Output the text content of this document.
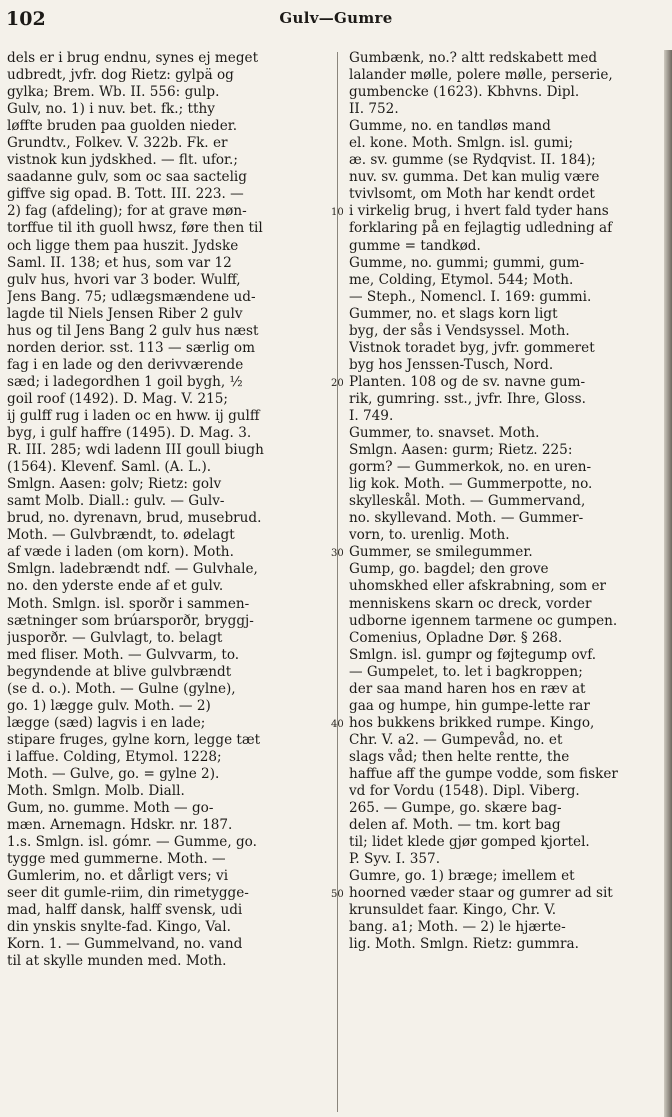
102	Gulv—Gumre
dels er i brug endnu, synes ej meget
udbredt, jvfr. dog Rietz: gylpä og
gylka; Brem. Wb. II. 556: gulp.
Gulv, no. 1) i nuv. bet. fk.; tthy
løffte bruden paa guolden nieder.
Grundtv., Folkev. V. 322b. Fk. er
vistnok kun jydskhed. — flt. ufor.;
saadanne gulv, som oc saa sactelig
giffve sig opad. B. Tott. III. 223. —
2) fag (afdeling); for at grave møn-
torffue til ith guoll hwsz, føre then til
och ligge them paa huszit. Jydske
Saml. II. 138; et hus, som var 12
gulv hus, hvori var 3 boder. Wulff,
Jens Bang. 75; udlægsmændene ud-
lagde til Niels Jensen Riber 2 gulv
hus og til Jens Bang 2 gulv hus næst
norden derior. sst. 113 — særlig om
fag i en lade og den derivværende
sæd; i ladegordhen 1 goil bygh, ½
goil roof (1492). D. Mag. V. 215;
ij gulff rug i laden oc en hww. ij gulff
byg, i gulf haffre (1495). D. Mag. 3.
R. III. 285; wdi ladenn III goull biugh
(1564). Klevenf. Saml. (A. L.).
Smlgn. Aasen: golv; Rietz: golv
samt Molb. Diall.: gulv. — Gulv-
brud, no. dyrenavn, brud, musebrud.
Moth. — Gulvbrændt, to. ødelagt
af væde i laden (om korn). Moth.
Smlgn. ladebrændt ndf. — Gulvhale,
no. den yderste ende af et gulv.
Moth. Smlgn. isl. sporðr i sammen-
sætninger som brúarsporðr, bryggj-
jusporðr. — Gulvlagt, to. belagt
med fliser. Moth. — Gulvvarm, to.
begyndende at blive gulvbrændt
(se d. o.). Moth. — Gulne (gylne),
go. 1) lægge gulv. Moth. — 2)
lægge (sæd) lagvis i en lade;
stipare fruges, gylne korn, legge tæt
i laffue. Colding, Etymol. 1228;
Moth. — Gulve, go. = gylne 2).
Moth. Smlgn. Molb. Diall.
Gum, no. gumme. Moth — go-
mæn. Arnemagn. Hdskr. nr. 187.
1.s. Smlgn. isl. gómr. — Gumme, go.
tygge med gummerne. Moth. —
Gumlerim, no. et dårligt vers; vi
seer dit gumle-riim, din rimetygge-
mad, halff dansk, halff svensk, udi
din ynskis snylte-fad. Kingo, Val.
Korn. 1. — Gummelvand, no. vand
til at skylle munden med. Moth.
10
20
30
40
50
Gumbænk, no.? altt redskabett med
lalander mølle, polere mølle, perserie,
gumbencke (1623). Kbhvns. Dipl.
II. 752.
Gumme, no. en tandløs mand
el. kone. Moth. Smlgn. isl. gumi;
æ. sv. gumme (se Rydqvist. II. 184);
nuv. sv. gumma. Det kan mulig være
tvivlsomt, om Moth har kendt ordet
i virkelig brug, i hvert fald tyder hans
forklaring på en fejlagtig udledning af
gumme = tandkød.
Gumme, no. gummi; gummi, gum-
me, Colding, Etymol. 544; Moth.
— Steph., Nomencl. I. 169: gummi.
Gummer, no. et slags korn ligt
byg, der sås i Vendsyssel. Moth.
Vistnok toradet byg, jvfr. gommeret
byg hos Jenssen-Tusch, Nord.
Planten. 108 og de sv. navne gum-
rik, gumring. sst., jvfr. Ihre, Gloss.
I. 749.
Gummer, to. snavset. Moth.
Smlgn. Aasen: gurm; Rietz. 225:
gorm? — Gummerkok, no. en uren-
lig kok. Moth. — Gummerpotte, no.
skylleskål. Moth. — Gummervand,
no. skyllevand. Moth. — Gummer-
vorn, to. urenlig. Moth.
Gummer, se smilegummer.
Gump, go. bagdel; den grove
uhomskhed eller afskrabning, som er
menniskens skarn oc dreck, vorder
udborne igennem tarmene oc gumpen.
Comenius, Opladne Dør. § 268.
Smlgn. isl. gumpr og føjtegump ovf.
— Gumpelet, to. let i bagkroppen;
der saa mand haren hos en ræv at
gaa og humpe, hin gumpe-lette rar
hos bukkens brikked rumpe. Kingo,
Chr. V. a2. — Gumpevåd, no. et
slags våd; then helte rentte, the
haffue aff the gumpe vodde, som fisker
vd for Vordu (1548). Dipl. Viberg.
265. — Gumpe, go. skære bag-
delen af. Moth. — tm. kort bag
til; lidet klede gjør gomped kjortel.
P. Syv. I. 357.
Gumre, go. 1) bræge; imellem et
hoorned væder staar og gumrer ad sit
krunsuldet faar. Kingo, Chr. V.
bang. a1; Moth. — 2) le hjærte-
lig. Moth. Smlgn. Rietz: gummra.
